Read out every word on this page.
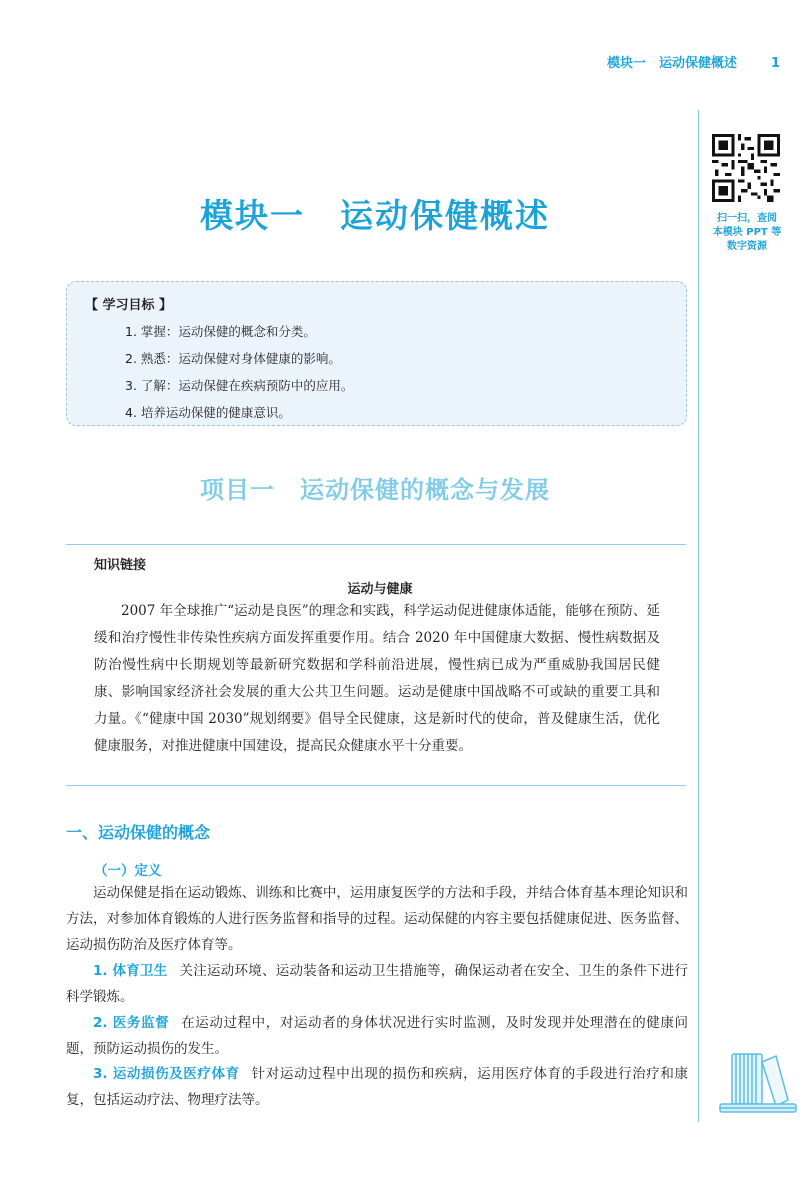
模块一　运动保健概述	1
扫一扫，查阅
本模块 PPT 等
数字资源
模块一　运动保健概述
【 学习目标 】
1. 掌握：运动保健的概念和分类。
2. 熟悉：运动保健对身体健康的影响。
3. 了解：运动保健在疾病预防中的应用。
4. 培养运动保健的健康意识。
项目一　运动保健的概念与发展
知识链接
运动与健康
2007 年全球推广“运动是良医”的理念和实践，科学运动促进健康体适能，能够在预防、延缓和治疗慢性非传染性疾病方面发挥重要作用。结合 2020 年中国健康大数据、慢性病数据及防治慢性病中长期规划等最新研究数据和学科前沿进展，慢性病已成为严重威胁我国居民健康、影响国家经济社会发展的重大公共卫生问题。运动是健康中国战略不可或缺的重要工具和力量。《“健康中国 2030”规划纲要》倡导全民健康，这是新时代的使命，普及健康生活，优化健康服务，对推进健康中国建设，提高民众健康水平十分重要。
一、运动保健的概念
（一）定义
运动保健是指在运动锻炼、训练和比赛中，运用康复医学的方法和手段，并结合体育基本理论知识和方法，对参加体育锻炼的人进行医务监督和指导的过程。运动保健的内容主要包括健康促进、医务监督、运动损伤防治及医疗体育等。
1. 体育卫生 关注运动环境、运动装备和运动卫生措施等，确保运动者在安全、卫生的条件下进行科学锻炼。
2. 医务监督 在运动过程中，对运动者的身体状况进行实时监测，及时发现并处理潜在的健康问题，预防运动损伤的发生。
3. 运动损伤及医疗体育 针对运动过程中出现的损伤和疾病，运用医疗体育的手段进行治疗和康复，包括运动疗法、物理疗法等。
